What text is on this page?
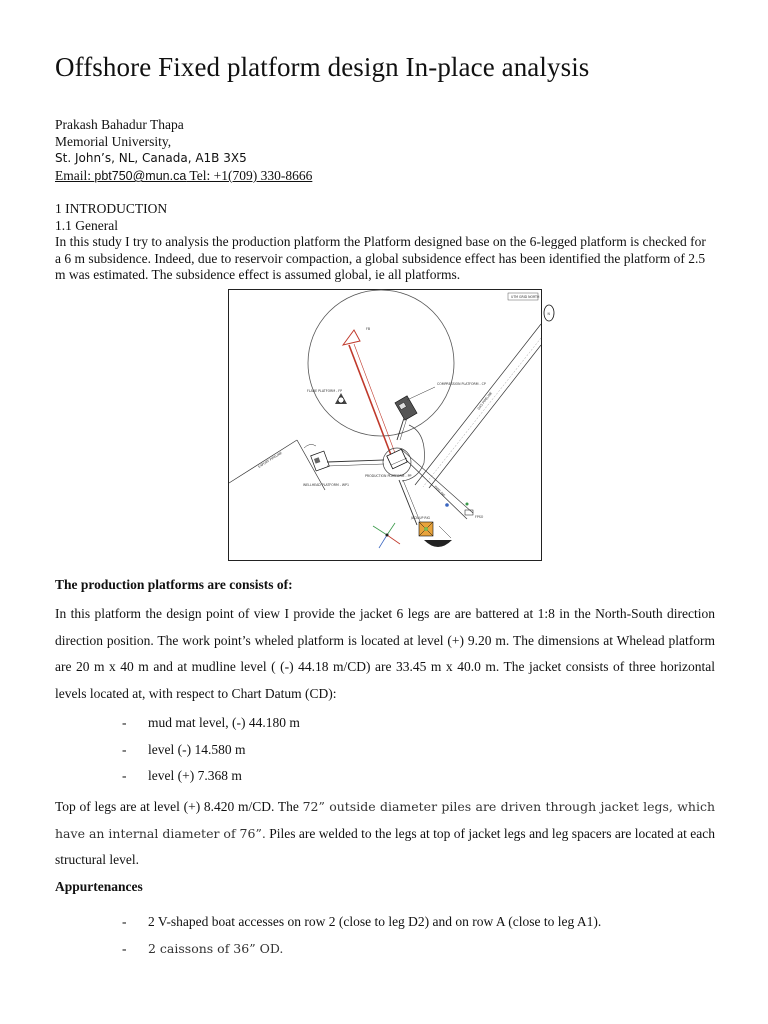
Offshore Fixed platform design In-place analysis
Prakash Bahadur Thapa
Memorial University,
St. John’s, NL, Canada, A1B 3X5
Email: pbt750@mun.ca Tel: +1(709) 330-8666

1 INTRODUCTION

1.1 General

In this study I try to analysis the production platform the Platform designed base on the 6-legged platform is checked for a 6 m subsidence. Indeed, due to reservoir compaction, a global subsidence effect has been identified the platform of 2.5 m was estimated. The subsidence effect is assumed global, ie all platforms.

UTM GRID NORTH
N
EXPORT PIPELINE
GAS PIPELINE
PIPELINE
FB
FLARE PLATFORM - FP
COMPRESSION PLATFORM - CP
PRODUCTION PLATFORM - PP
WELLHEAD PLATFORM - WP1
JACK-UP RIG	FPSO
The production platforms are consists of:

In this platform the design point of view I provide the jacket 6 legs are are battered at 1:8 in the North-South direction direction position. The work point’s wheled platform is located at level (+) 9.20 m. The dimensions at Whelead platform are 20 m x 40 m and at mudline level ( (-) 44.18 m/CD) are 33.45 m x 40.0 m. The jacket consists of three horizontal levels located at, with respect to Chart Datum (CD):

- mud mat level, (-) 44.180 m
- level (-) 14.580 m
- level (+) 7.368 m

Top of legs are at level (+) 8.420 m/CD. The 72” outside diameter piles are driven through jacket legs, which have an internal diameter of 76”. Piles are welded to the legs at top of jacket legs and leg spacers are located at each structural level.

Appurtenances
- 2 V-shaped boat accesses on row 2 (close to leg D2) and on row A (close to leg A1).
- 2 caissons of 36” OD.
